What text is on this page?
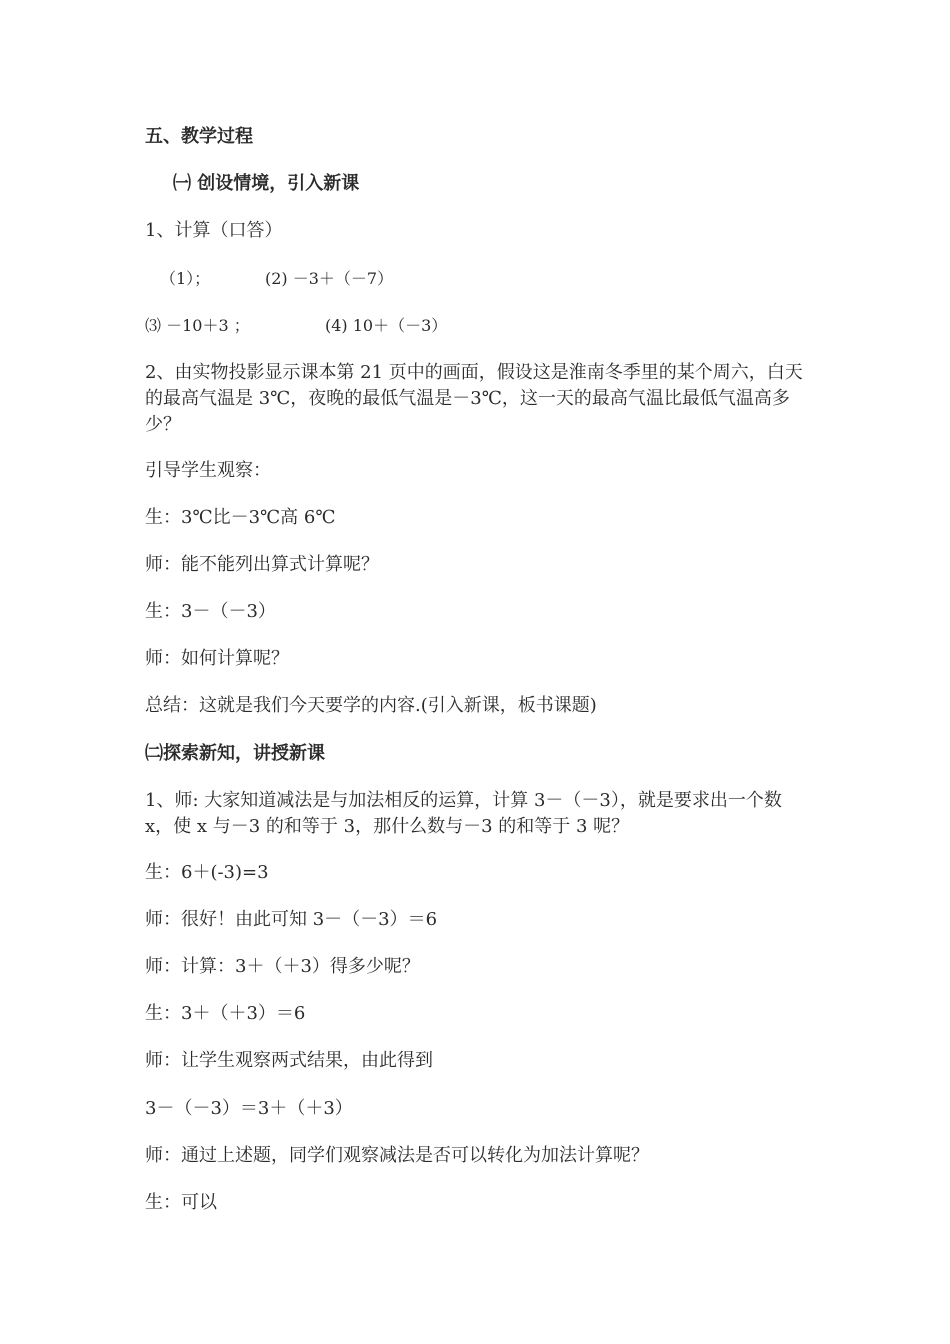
五、教学过程
㈠ 创设情境，引入新课
1、计算（口答）
（1）；	(2) －3＋（－7）
⑶ －10＋3 ；	(4) 10＋（－3）
2、由实物投影显示课本第 21 页中的画面，假设这是淮南冬季里的某个周六，白天的最高气温是 3℃，夜晚的最低气温是－3℃，这一天的最高气温比最低气温高多少？
引导学生观察：
生：3℃比－3℃高 6℃
师：能不能列出算式计算呢？
生：3－（－3）
师：如何计算呢？
总结：这就是我们今天要学的内容.(引入新课，板书课题)
㈡探索新知，讲授新课
1、师: 大家知道减法是与加法相反的运算，计算 3－（－3），就是要求出一个数 x，使 x 与－3 的和等于 3，那什么数与－3 的和等于 3 呢？
生：6＋(-3)=3
师：很好！由此可知 3－（－3）＝6
师：计算：3＋（＋3）得多少呢？
生：3＋（＋3）＝6
师：让学生观察两式结果，由此得到
3－（－3）＝3＋（＋3）
师：通过上述题，同学们观察减法是否可以转化为加法计算呢？
生：可以
